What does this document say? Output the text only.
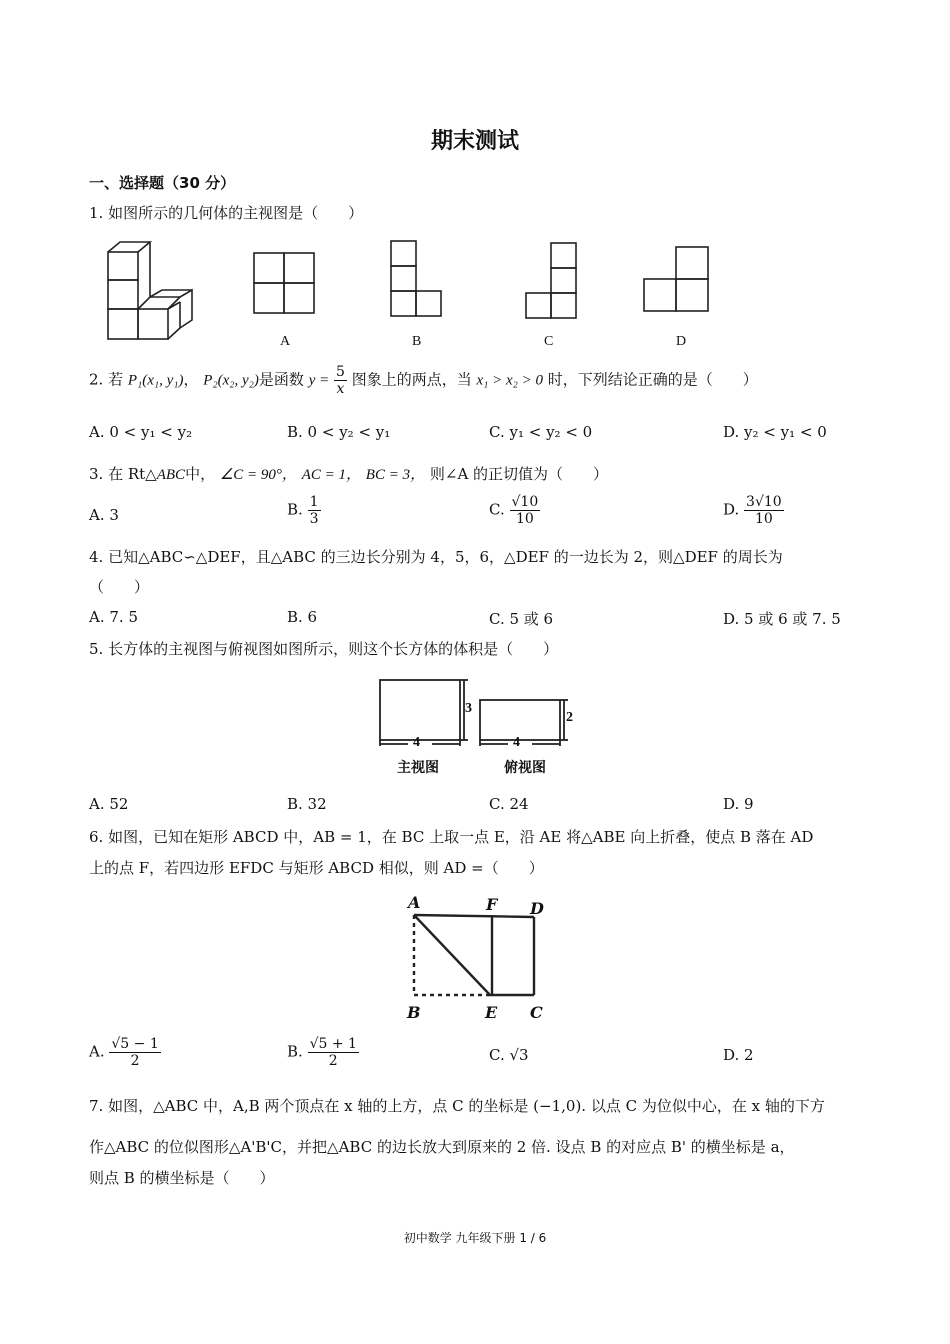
期末测试
一、选择题（30 分）
1. 如图所示的几何体的主视图是（　　）
A	B	C	D
2. 若 P₁(x₁, y₁)， P₂(x₂, y₂)是函数 $y = \frac{5}{x}$ 图象上的两点，当 x₁ > x₂ > 0 时，下列结论正确的是（　　）
A. 0 < y₁ < y₂	B. 0 < y₂ < y₁	C. y₁ < y₂ < 0	D. y₂ < y₁ < 0
3. 在 Rt△ABC中， ∠C = 90°， AC = 1， BC = 3， 则∠A 的正切值为（　　）
A. 3	B. $\frac{1}{3}$	C. $\frac{√10}{10}$	D. $\frac{3√10}{10}$
4. 已知△ABC∽△DEF，且△ABC 的三边长分别为 4，5，6，△DEF 的一边长为 2，则△DEF 的周长为
（　　）
A. 7. 5	B. 6	C. 5 或 6	D. 5 或 6 或 7. 5
5. 长方体的主视图与俯视图如图所示，则这个长方体的体积是（　　）
3
4
2
4
主视图	俯视图
A. 52	B. 32	C. 24	D. 9
6. 如图，已知在矩形 ABCD 中，AB = 1，在 BC 上取一点 E，沿 AE 将△ABE 向上折叠，使点 B 落在 AD
上的点 F，若四边形 EFDC 与矩形 ABCD 相似，则 AD =（　　）
A	F D
B	E C
A. $\frac{√5 - 1}{2}$	B. $\frac{√5 + 1}{2}$	C. √3	D. 2
7. 如图，△ABC 中，A,B 两个顶点在 x 轴的上方，点 C 的坐标是 (−1,0). 以点 C 为位似中心，在 x 轴的下方
作△ABC 的位似图形△A'B'C，并把△ABC 的边长放大到原来的 2 倍. 设点 B 的对应点 B' 的横坐标是 a，
则点 B 的横坐标是（　　）
初中数学 九年级下册 1 / 6
